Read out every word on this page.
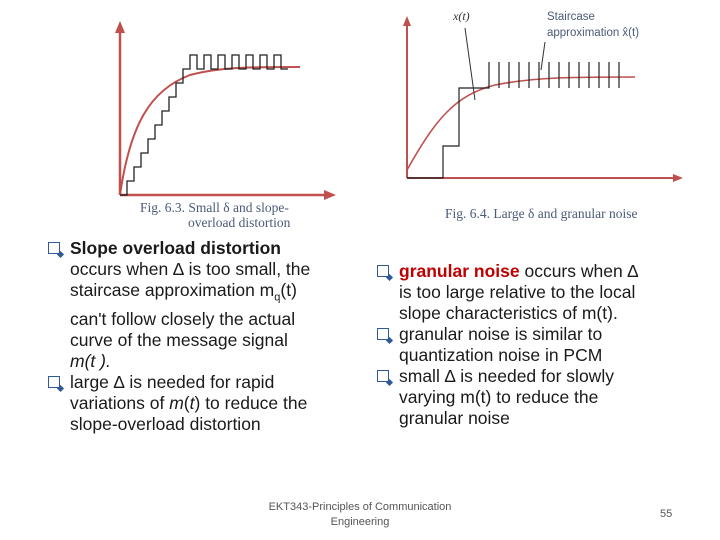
Fig. 6.3. Small δ and slope-
overload distortion
x(t)	Staircase
approximation x̂(t)
Fig. 6.4. Large δ and granular noise
Slope overload distortion
occurs when ∆ is too small, the
staircase approximation $m_q(t)$
can't follow closely the actual
curve of the message signal
m(t ).
large ∆ is needed for rapid
variations of m(t) to reduce the
slope-overload distortion
granular noise occurs when ∆
is too large relative to the local
slope characteristics of m(t).
granular noise is similar to
quantization noise in PCM
small ∆ is needed for slowly
varying m(t) to reduce the
granular noise
EKT343-Principles of Communication
Engineering
55
